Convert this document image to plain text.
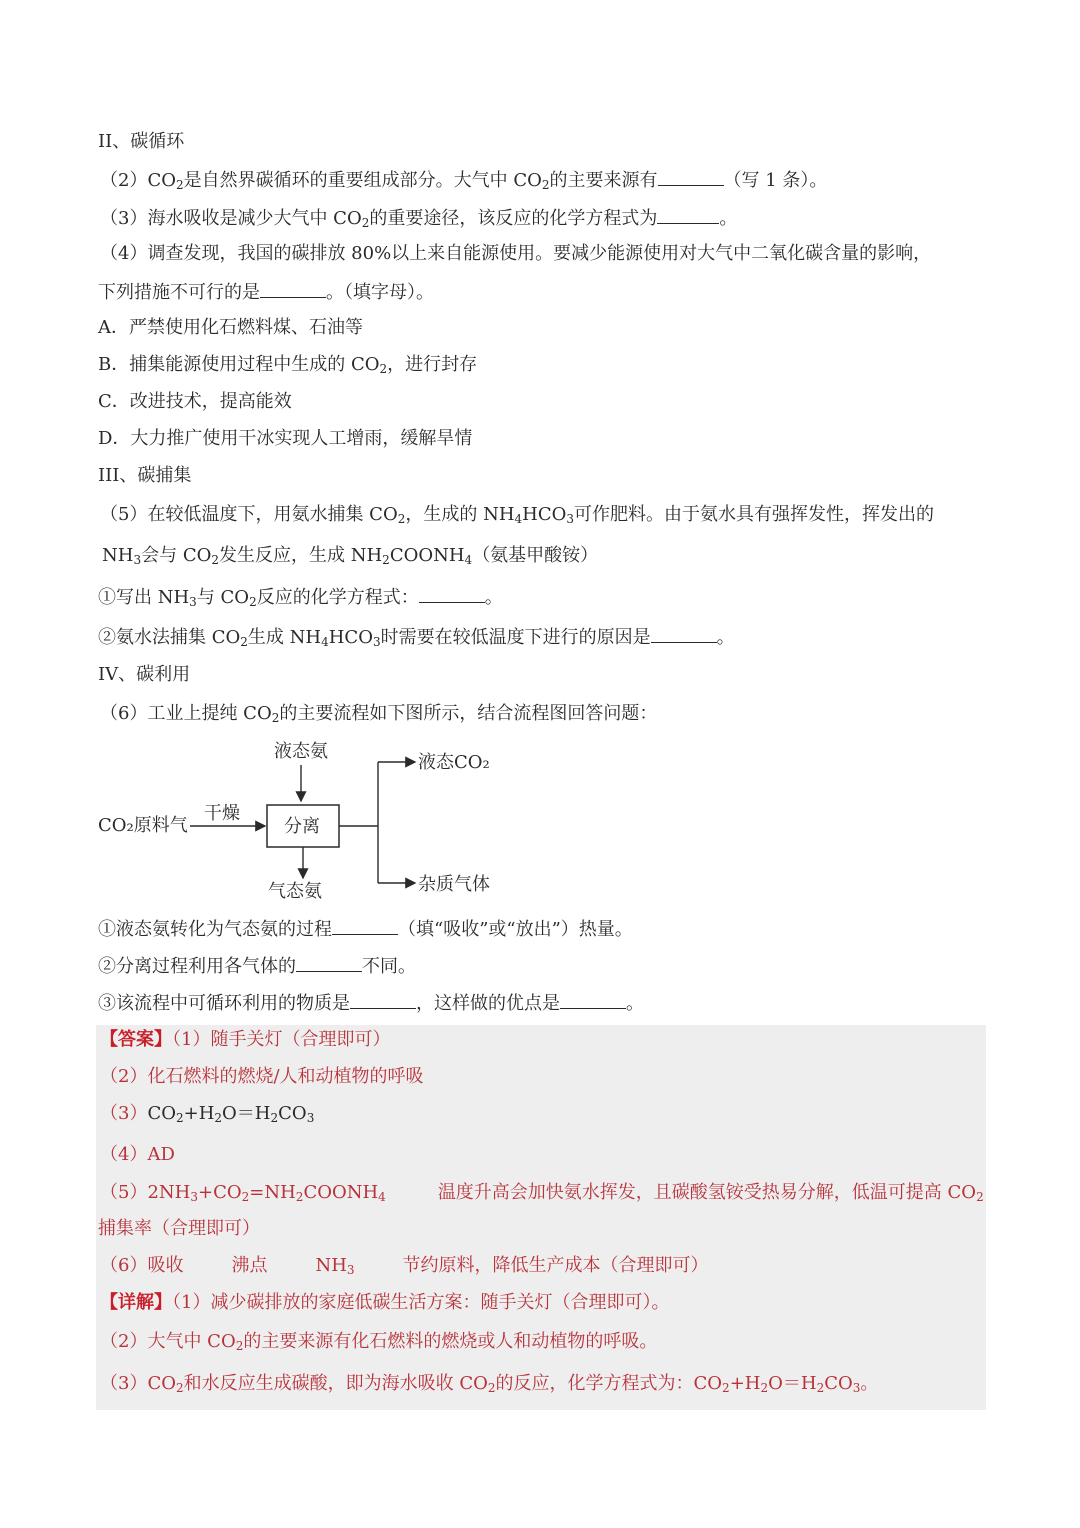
II、碳循环
$(2)CO_2$是自然界碳循环的重要组成部分。大气中 $CO_2$的主要来源有	（写 1 条）。
（3）海水吸收是减少大气中 $CO_2$的重要途径，该反应的化学方程式为	。
（4）调查发现，我国的碳排放 80%以上来自能源使用。要减少能源使用对大气中二氧化碳含量的影响，
下列措施不可行的是	。（填字母）。
A．严禁使用化石燃料煤、石油等
B．捕集能源使用过程中生成的 $CO_2$，进行封存
C．改进技术，提高能效
D．大力推广使用干冰实现人工增雨，缓解旱情
III、碳捕集
（5）在较低温度下，用氨水捕集 $CO_2$，生成的 $NH_4HCO_3$可作肥料。由于氨水具有强挥发性，挥发出的
$NH_3$会与 $CO_2$发生反应，生成 $NH_2COONH_4$（氨基甲酸铵）
①写出 $NH_3$与 $CO_2$反应的化学方程式：	。
②氨水法捕集 $CO_2$生成 $NH_4HCO_3$时需要在较低温度下进行的原因是	。
IV、碳利用
（6）工业上提纯 $CO_2$的主要流程如下图所示，结合流程图回答问题：
液态氨
CO₂原料气
干燥
分离
气态氨
液态CO₂
杂质气体
①液态氨转化为气态氨的过程	（填“吸收”或“放出”）热量。
②分离过程利用各气体的	不同。
③该流程中可循环利用的物质是	，这样做的优点是	。
【答案】（1）随手关灯（合理即可）
（2）化石燃料的燃烧/人和动植物的呼吸
$(3)CO_2+H_2O=H_2CO_3$
（4）AD
$(5)2NH_3+CO_2=NH_2COONH_4$	温度升高会加快氨水挥发，且碳酸氢铵受热易分解，低温可提高 $CO_2$
捕集率（合理即可）
（6）吸收	沸点	$NH_3$	节约原料，降低生产成本（合理即可）
【详解】（1）减少碳排放的家庭低碳生活方案：随手关灯（合理即可）。
（2）大气中 $CO_2$的主要来源有化石燃料的燃烧或人和动植物的呼吸。
$(3)CO_2$和水反应生成碳酸，即为海水吸收 $CO_2$的反应，化学方程式为：$CO_2+H_2O=H_2CO_3$。
